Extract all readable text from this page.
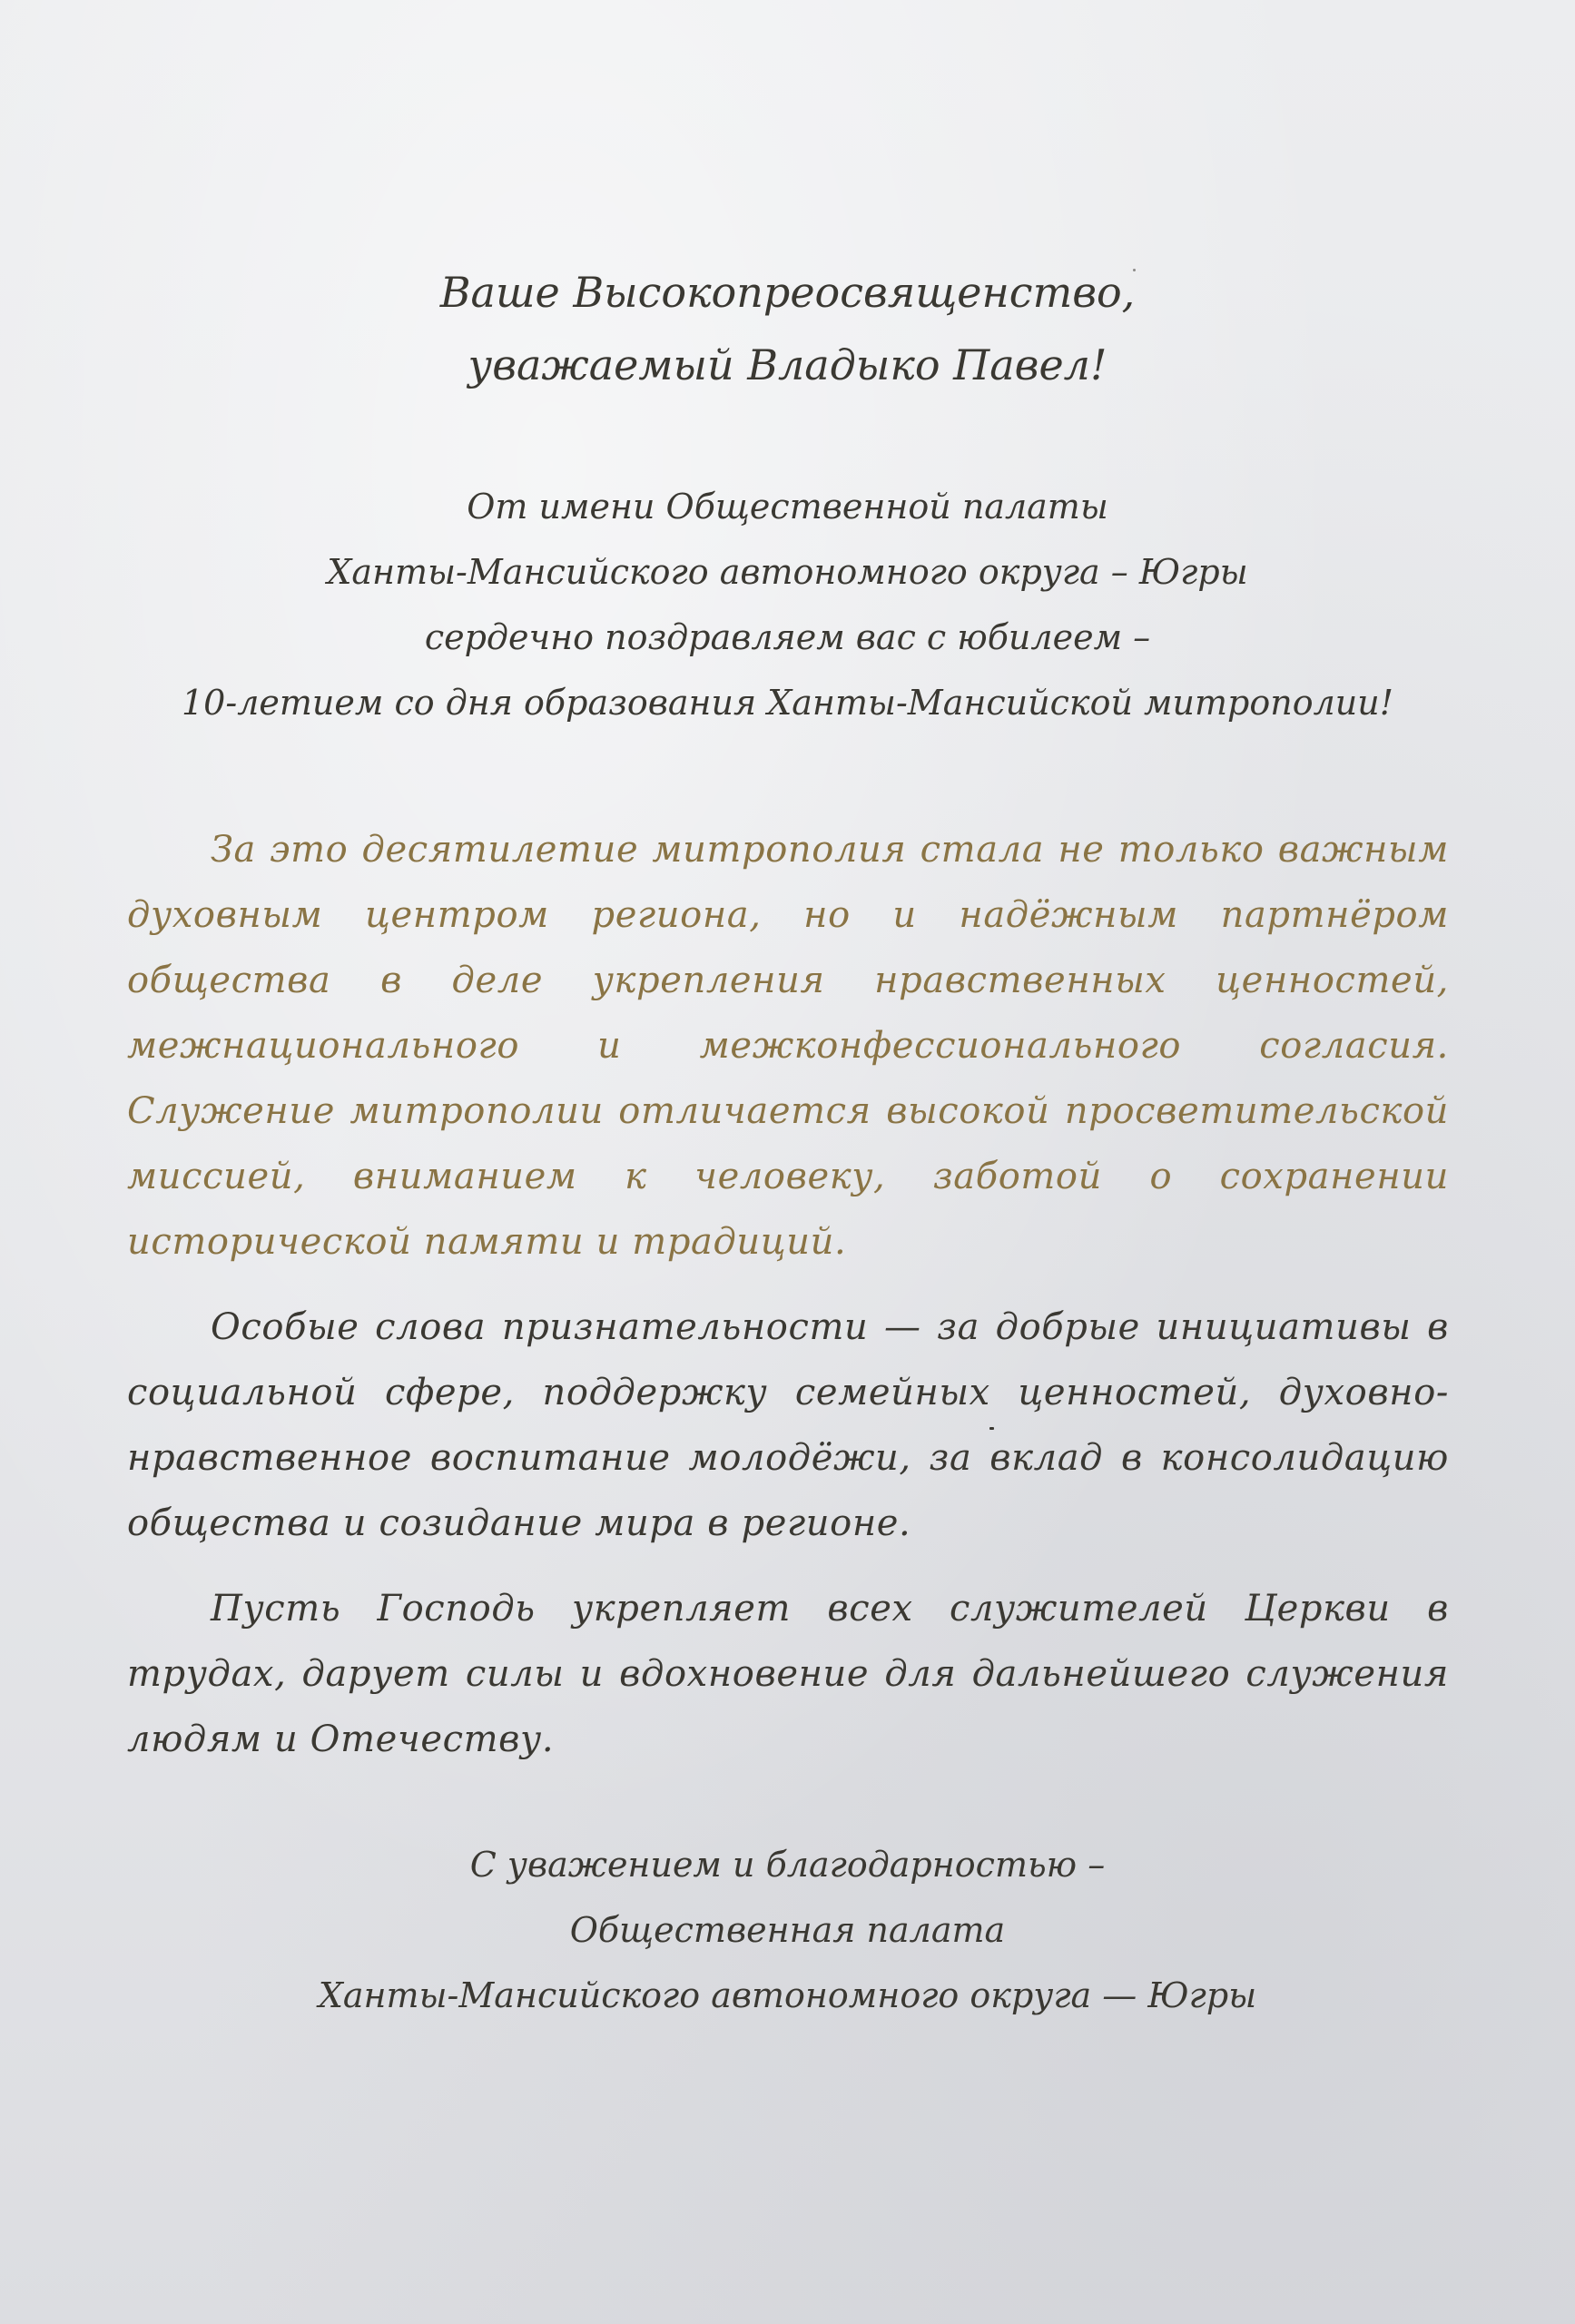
Ваше Высокопреосвященство,
уважаемый Владыко Павел!

От имени Общественной палаты
Ханты-Мансийского автономного округа – Югры
сердечно поздравляем вас с юбилеем –
10-летием со дня образования Ханты-Мансийской митрополии!

За это десятилетие митрополия стала не только важным духовным центром региона, но и надёжным партнёром общества в деле укрепления нравственных ценностей, межнационального и межконфессионального согласия. Служение митрополии отличается высокой просветительской миссией, вниманием к человеку, заботой о сохранении исторической памяти и традиций.

Особые слова признательности — за добрые инициативы в социальной сфере, поддержку семейных ценностей, духовно-нравственное воспитание молодёжи, за вклад в консолидацию общества и созидание мира в регионе.

Пусть Господь укрепляет всех служителей Церкви в трудах, дарует силы и вдохновение для дальнейшего служения людям и Отечеству.

С уважением и благодарностью –
Общественная палата
Ханты-Мансийского автономного округа — Югры
